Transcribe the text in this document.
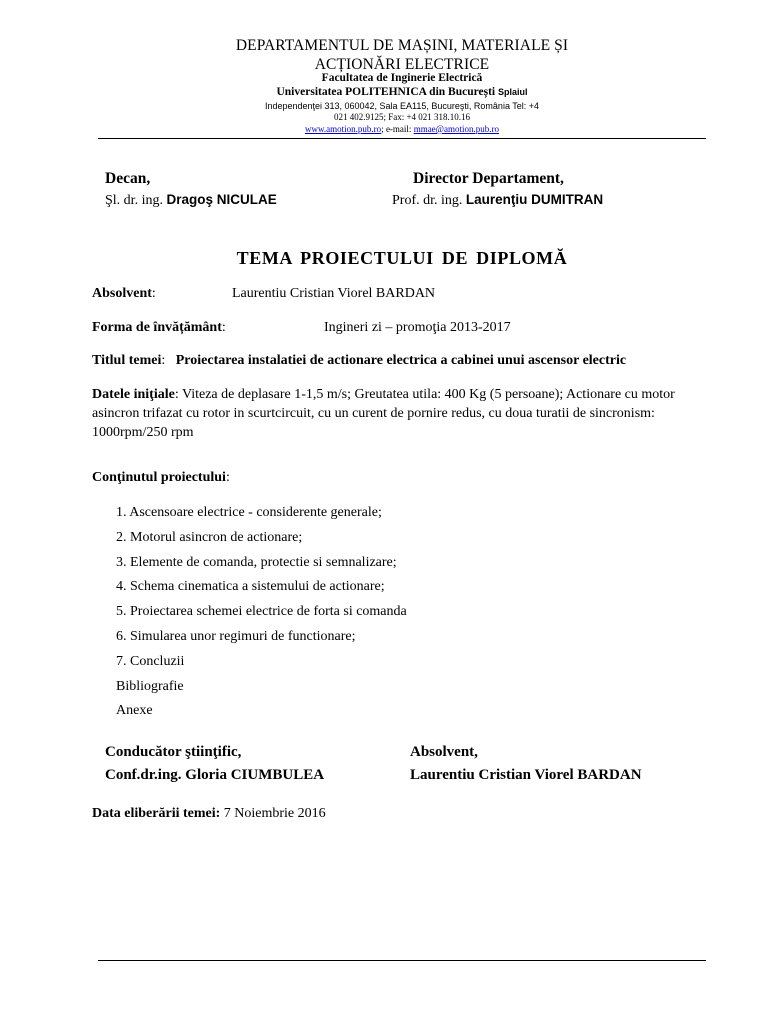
DEPARTAMENTUL DE MAȘINI, MATERIALE ȘI
ACȚIONĂRI ELECTRICE
Facultatea de Inginerie Electrică
Universitatea POLITEHNICA din București Splaiul
Independenţei 313, 060042, Sala EA115, Bucureşti, România Tel: +4
021 402.9125; Fax: +4 021 318.10.16
www.amotion.pub.ro; e-mail: mmae@amotion.pub.ro
Decan,
Şl. dr. ing. Dragoş NICULAE
Director Departament,
Prof. dr. ing. Laurenţiu DUMITRAN
TEMA PROIECTULUI DE DIPLOMĂ
Absolvent:	Laurentiu Cristian Viorel BARDAN
Forma de învățământ:	Ingineri zi – promoţia 2013-2017
Titlul temei:   Proiectarea instalatiei de actionare electrica a cabinei unui ascensor electric
Datele iniţiale: Viteza de deplasare 1-1,5 m/s; Greutatea utila: 400 Kg (5 persoane); Actionare cu motor asincron trifazat cu rotor in scurtcircuit, cu un curent de pornire redus, cu doua turatii de sincronism: 1000rpm/250 rpm
Conţinutul proiectului:
1. Ascensoare electrice - considerente generale;
2. Motorul asincron de actionare;
3. Elemente de comanda, protectie si semnalizare;
4. Schema cinematica a sistemului de actionare;
5. Proiectarea schemei electrice de forta si comanda
6. Simularea unor regimuri de functionare;
7. Concluzii
Bibliografie
Anexe
Conducător ştiinţific,
Conf.dr.ing. Gloria CIUMBULEA
Absolvent,
Laurentiu Cristian Viorel BARDAN
Data eliberării temei: 7 Noiembrie 2016
